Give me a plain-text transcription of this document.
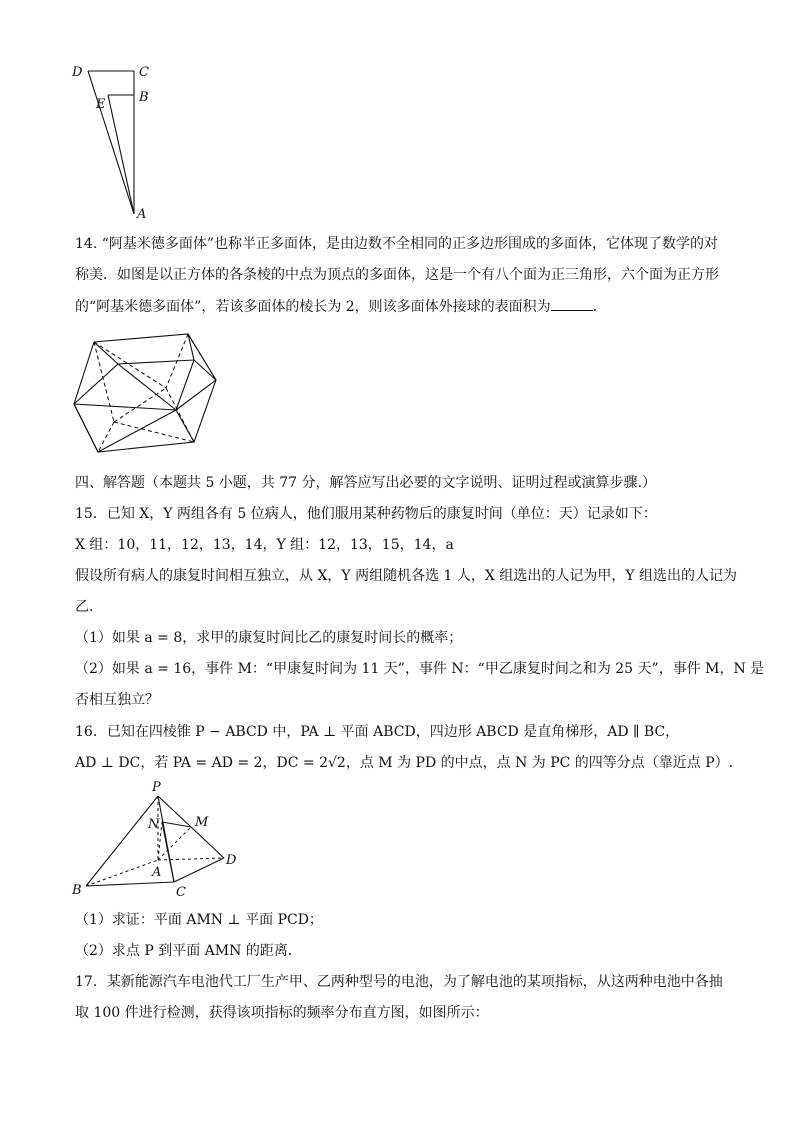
D	C
B
E
A
14. “阿基米德多面体”也称半正多面体，是由边数不全相同的正多边形围成的多面体，它体现了数学的对
称美．如图是以正方体的各条棱的中点为顶点的多面体，这是一个有八个面为正三角形，六个面为正方形
的“阿基米德多面体”，若该多面体的棱长为 2，则该多面体外接球的表面积为	．
四、解答题（本题共 5 小题，共 77 分，解答应写出必要的文字说明、证明过程或演算步骤.）
15．已知 X，Y 两组各有 5 位病人，他们服用某种药物后的康复时间（单位：天）记录如下：
X 组：10，11，12，13，14，Y 组：12，13，15，14，a
假设所有病人的康复时间相互独立，从 X，Y 两组随机各选 1 人，X 组选出的人记为甲，Y 组选出的人记为
乙．
（1）如果 a = 8，求甲的康复时间比乙的康复时间长的概率；
（2）如果 a = 16，事件 M：“甲康复时间为 11 天”，事件 N：“甲乙康复时间之和为 25 天”，事件 M，N 是
否相互独立？
16．已知在四棱锥 P − ABCD 中，PA ⊥ 平面 ABCD，四边形 ABCD 是直角梯形，AD ∥ BC，
AD ⊥ DC，若 PA = AD = 2，DC = 2√2，点 M 为 PD 的中点，点 N 为 PC 的四等分点（靠近点 P）.
P
N	M
D
A
B	C
（1）求证：平面 AMN ⊥ 平面 PCD；
（2）求点 P 到平面 AMN 的距离．
17．某新能源汽车电池代工厂生产甲、乙两种型号的电池，为了解电池的某项指标，从这两种电池中各抽
取 100 件进行检测，获得该项指标的频率分布直方图，如图所示：
